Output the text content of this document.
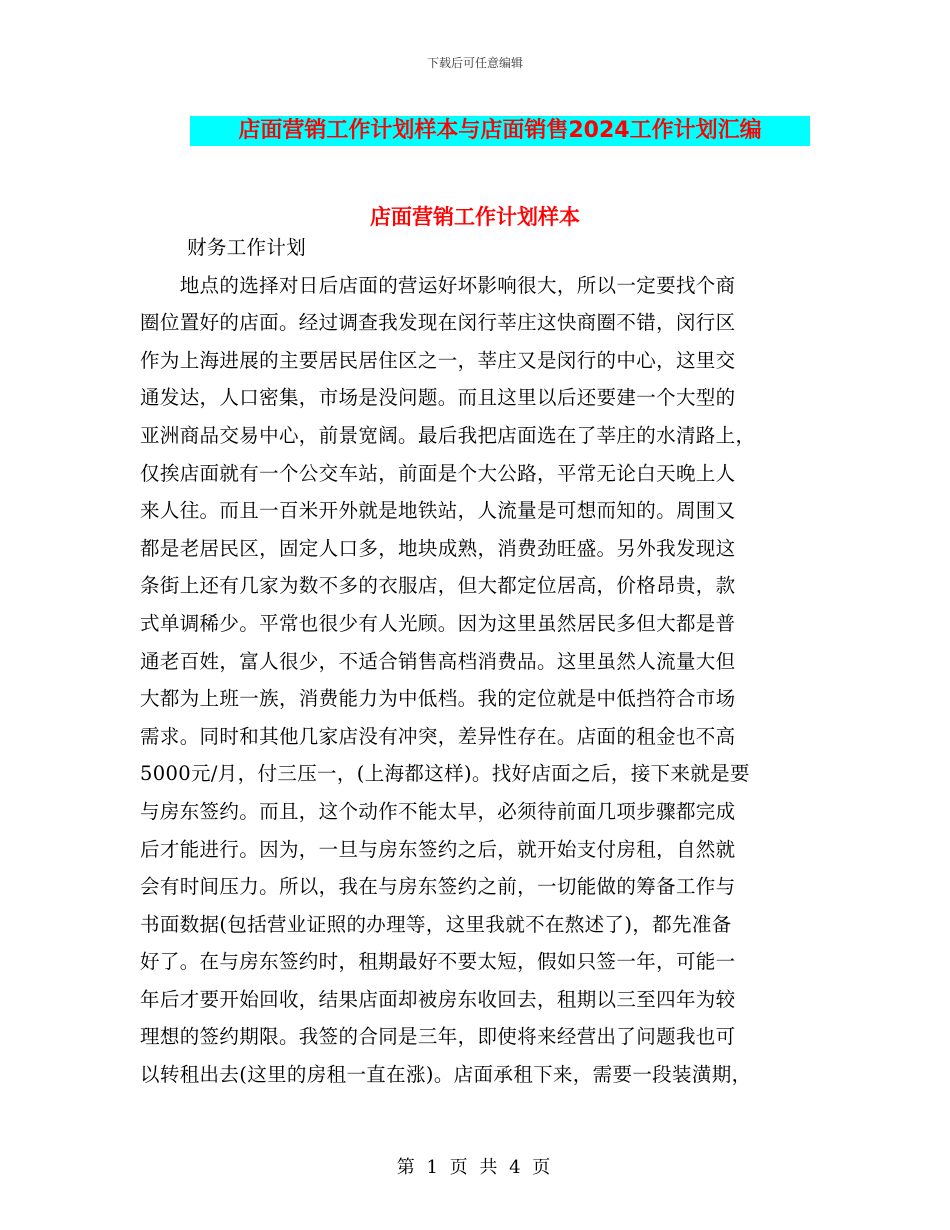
下载后可任意编辑
店面营销工作计划样本与店面销售2024工作计划汇编
店面营销工作计划样本
财务工作计划
　　地点的选择对日后店面的营运好坏影响很大，所以一定要找个商
圈位置好的店面。经过调查我发现在闵行莘庄这快商圈不错，闵行区
作为上海进展的主要居民居住区之一，莘庄又是闵行的中心，这里交
通发达，人口密集，市场是没问题。而且这里以后还要建一个大型的
亚洲商品交易中心，前景宽阔。最后我把店面选在了莘庄的水清路上，
仅挨店面就有一个公交车站，前面是个大公路，平常无论白天晚上人
来人往。而且一百米开外就是地铁站，人流量是可想而知的。周围又
都是老居民区，固定人口多，地块成熟，消费劲旺盛。另外我发现这
条街上还有几家为数不多的衣服店，但大都定位居高，价格昂贵，款
式单调稀少。平常也很少有人光顾。因为这里虽然居民多但大都是普
通老百姓，富人很少，不适合销售高档消费品。这里虽然人流量大但
大都为上班一族，消费能力为中低档。我的定位就是中低挡符合市场
需求。同时和其他几家店没有冲突，差异性存在。店面的租金也不高
5000元/月，付三压一，(上海都这样)。找好店面之后，接下来就是要
与房东签约。而且，这个动作不能太早，必须待前面几项步骤都完成
后才能进行。因为，一旦与房东签约之后，就开始支付房租，自然就
会有时间压力。所以，我在与房东签约之前，一切能做的筹备工作与
书面数据(包括营业证照的办理等，这里我就不在熬述了)，都先准备
好了。在与房东签约时，租期最好不要太短，假如只签一年，可能一
年后才要开始回收，结果店面却被房东收回去，租期以三至四年为较
理想的签约期限。我签的合同是三年，即使将来经营出了问题我也可
以转租出去(这里的房租一直在涨)。店面承租下来，需要一段装潢期，
第 1 页 共 4 页
